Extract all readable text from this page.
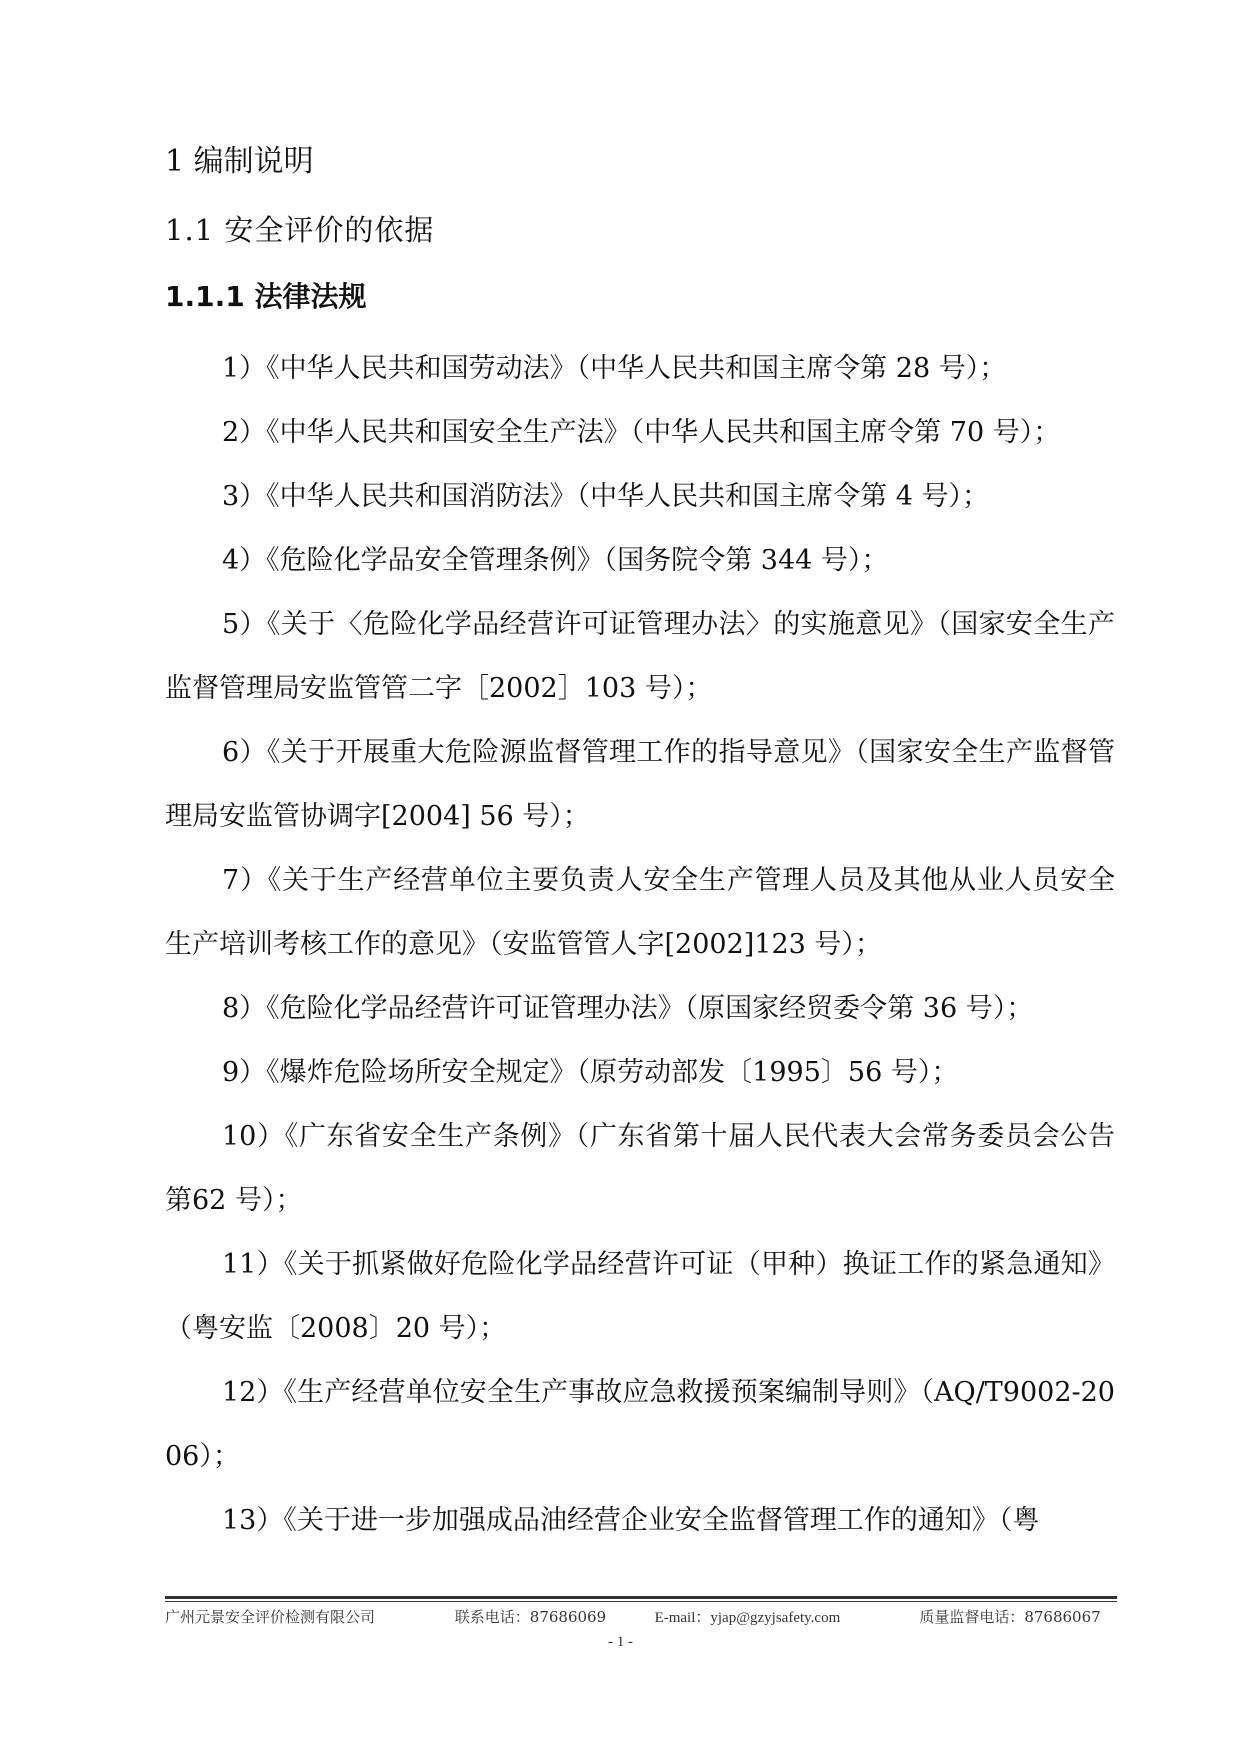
1 编制说明
1.1 安全评价的依据
1.1.1 法律法规

1）《中华人民共和国劳动法》（中华人民共和国主席令第 28 号）；

2）《中华人民共和国安全生产法》（中华人民共和国主席令第 70 号）；

3）《中华人民共和国消防法》（中华人民共和国主席令第 4 号）；

4）《危险化学品安全管理条例》（国务院令第 344 号）；

5）《关于〈危险化学品经营许可证管理办法〉的实施意见》（国家安全生产监督管理局安监管管二字［2002］103 号）；

6）《关于开展重大危险源监督管理工作的指导意见》（国家安全生产监督管理局安监管协调字[2004] 56 号）；

7）《关于生产经营单位主要负责人安全生产管理人员及其他从业人员安全生产培训考核工作的意见》（安监管管人字[2002]123 号）；

8）《危险化学品经营许可证管理办法》（原国家经贸委令第 36 号）；

9）《爆炸危险场所安全规定》（原劳动部发〔1995〕56 号）；

10）《广东省安全生产条例》（广东省第十届人民代表大会常务委员会公告第62 号）；

11）《关于抓紧做好危险化学品经营许可证（甲种）换证工作的紧急通知》（粤安监〔2008〕20 号）；

12）《生产经营单位安全生产事故应急救援预案编制导则》（AQ/T9002-2006）；

13）《关于进一步加强成品油经营企业安全监督管理工作的通知》（粤

广州元景安全评价检测有限公司	联系电话：87686069	E-mail：yjap@gzyjsafety.com	质量监督电话：87686067
- 1 -
